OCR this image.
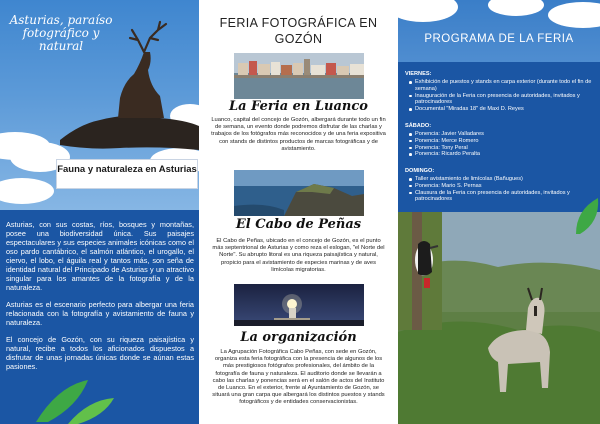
Asturias, paraíso fotográfico y natural
Fauna y naturaleza en Asturias

Asturias, con sus costas, ríos, bosques y montañas, posee una biodiversidad única. Sus paisajes espectaculares y sus especies animales icónicas como el oso pardo cantábrico, el salmón atlántico, el urogallo, el ciervo, el lobo, el águila real y tantos más, son seña de identidad natural del Principado de Asturias y un atractivo singular para los amantes de la fotografía y de la naturaleza.

Asturias es el escenario perfecto para albergar una feria relacionada con la fotografía y avistamiento de fauna y naturaleza.

El concejo de Gozón, con su riqueza paisajística y natural, recibe a todos los aficionados dispuestos a disfrutar de unas jornadas únicas donde se aúnan estas pasiones.

FERIA FOTOGRÁFICA EN GOZÓN
La Feria en Luanco
Luanco, capital del concejo de Gozón, albergará durante todo un fin de semana, un evento donde podremos disfrutar de las charlas y trabajos de los fotógrafos más reconocidos y de una feria expositiva con stands de distintos productos de marcas fotográficas y de avistamiento.
El Cabo de Peñas
El Cabo de Peñas, ubicado en el concejo de Gozón, es el punto más septentrional de Asturias y como reza el eslogan, "el Norte del Norte". Su abrupto litoral es una riqueza paisajística y natural, propicio para el avistamiento de especies marinas y de aves limícolas migratorias.
La organización
La Agrupación Fotográfica Cabo Peñas, con sede en Gozón, organiza esta feria fotográfica con la presencia de algunos de los más prestigiosos fotógrafos profesionales, del ámbito de la fotografía de fauna y naturaleza. El auditorio donde se llevarán a cabo las charlas y ponencias será en el salón de actos del Instituto de Luanco. En el exterior, frente al Ayuntamiento de Gozón, se situará una gran carpa que albergará los distintos puestos y stands fotográficos y de entidades conservacionistas.
PROGRAMA DE LA FERIA
VIERNES:
Exhibición de puestos y stands en carpa exterior (durante todo el fin de semana)
Inauguración de la Feria con presencia de autoridades, invitados y patrocinadores
Documental "Miradas 18" de Maxi D. Reyes
SÁBADO:
Ponencia: Javier Valladares
Ponencia: Merce Romero
Ponencia: Tony Peral
Ponencia: Ricardo Peralta
DOMINGO:
Taller avistamiento de limícolas (Bañugues)
Ponencia: Mario S. Pernas
Clausura de la Feria con presencia de autoridades, invitados y patrocinadores
